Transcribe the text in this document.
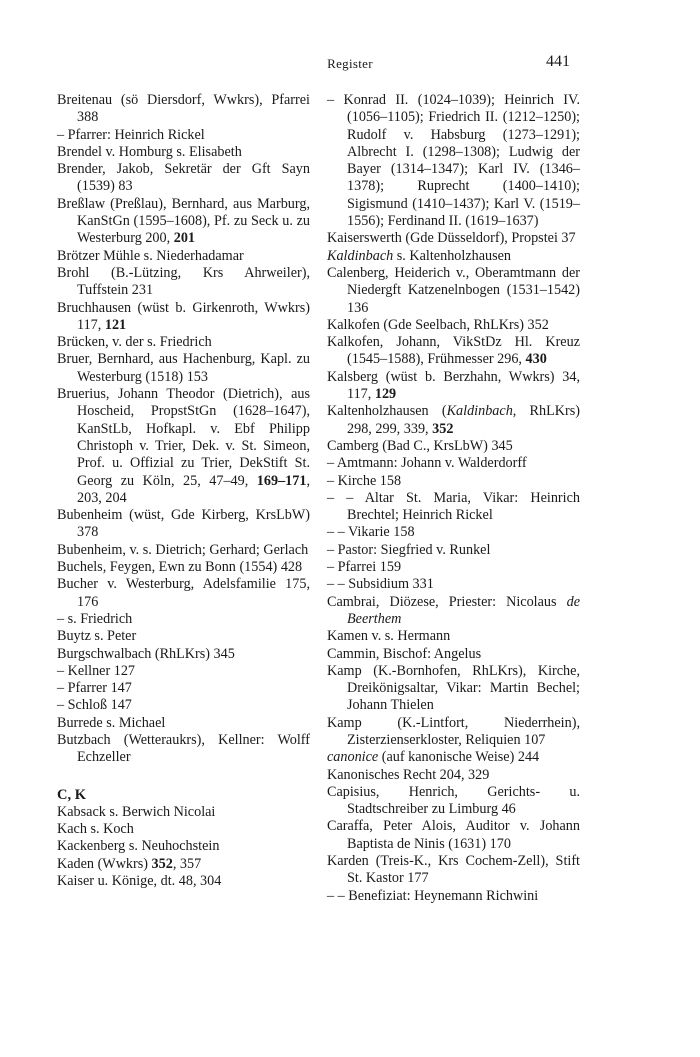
Register	441
Breitenau (sö Diersdorf, Wwkrs), Pfarrei 388
– Pfarrer: Heinrich Rickel
Brendel v. Homburg s. Elisabeth
Brender, Jakob, Sekretär der Gft Sayn (1539) 83
Breßlaw (Preßlau), Bernhard, aus Marburg, KanStGn (1595–1608), Pf. zu Seck u. zu Westerburg 200, 201
Brötzer Mühle s. Niederhadamar
Brohl (B.-Lützing, Krs Ahrweiler), Tuffstein 231
Bruchhausen (wüst b. Girkenroth, Wwkrs) 117, 121
Brücken, v. der s. Friedrich
Bruer, Bernhard, aus Hachenburg, Kapl. zu Westerburg (1518) 153
Bruerius, Johann Theodor (Dietrich), aus Hoscheid, PropstStGn (1628–1647), KanStLb, Hofkapl. v. Ebf Philipp Christoph v. Trier, Dek. v. St. Simeon, Prof. u. Offizial zu Trier, DekStift St. Georg zu Köln, 25, 47–49, 169–171, 203, 204
Bubenheim (wüst, Gde Kirberg, KrsLbW) 378
Bubenheim, v. s. Dietrich; Gerhard; Gerlach
Buchels, Feygen, Ewn zu Bonn (1554) 428
Bucher v. Westerburg, Adelsfamilie 175, 176
– s. Friedrich
Buytz s. Peter
Burgschwalbach (RhLKrs) 345
– Kellner 127
– Pfarrer 147
– Schloß 147
Burrede s. Michael
Butzbach (Wetteraukrs), Kellner: Wolff Echzeller
C, K
Kabsack s. Berwich Nicolai
Kach s. Koch
Kackenberg s. Neuhochstein
Kaden (Wwkrs) 352, 357
Kaiser u. Könige, dt. 48, 304
– Konrad II. (1024–1039); Heinrich IV. (1056–1105); Friedrich II. (1212–1250); Rudolf v. Habsburg (1273–1291); Albrecht I. (1298–1308); Ludwig der Bayer (1314–1347); Karl IV. (1346–1378); Ruprecht (1400–1410); Sigismund (1410–1437); Karl V. (1519–1556); Ferdinand II. (1619–1637)
Kaiserswerth (Gde Düsseldorf), Propstei 37
Kaldinbach s. Kaltenholzhausen
Calenberg, Heiderich v., Oberamtmann der Niedergft Katzenelnbogen (1531–1542) 136
Kalkofen (Gde Seelbach, RhLKrs) 352
Kalkofen, Johann, VikStDz Hl. Kreuz (1545–1588), Frühmesser 296, 430
Kalsberg (wüst b. Berzhahn, Wwkrs) 34, 117, 129
Kaltenholzhausen (Kaldinbach, RhLKrs) 298, 299, 339, 352
Camberg (Bad C., KrsLbW) 345
– Amtmann: Johann v. Walderdorff
– Kirche 158
– – Altar St. Maria, Vikar: Heinrich Brechtel; Heinrich Rickel
– – Vikarie 158
– Pastor: Siegfried v. Runkel
– Pfarrei 159
– – Subsidium 331
Cambrai, Diözese, Priester: Nicolaus de Beerthem
Kamen v. s. Hermann
Cammin, Bischof: Angelus
Kamp (K.-Bornhofen, RhLKrs), Kirche, Dreikönigsaltar, Vikar: Martin Bechel; Johann Thielen
Kamp (K.-Lintfort, Niederrhein), Zisterzienserkloster, Reliquien 107
canonice (auf kanonische Weise) 244
Kanonisches Recht 204, 329
Capisius, Henrich, Gerichts- u. Stadtschreiber zu Limburg 46
Caraffa, Peter Alois, Auditor v. Johann Baptista de Ninis (1631) 170
Karden (Treis-K., Krs Cochem-Zell), Stift St. Kastor 177
– – Benefiziat: Heynemann Richwini
